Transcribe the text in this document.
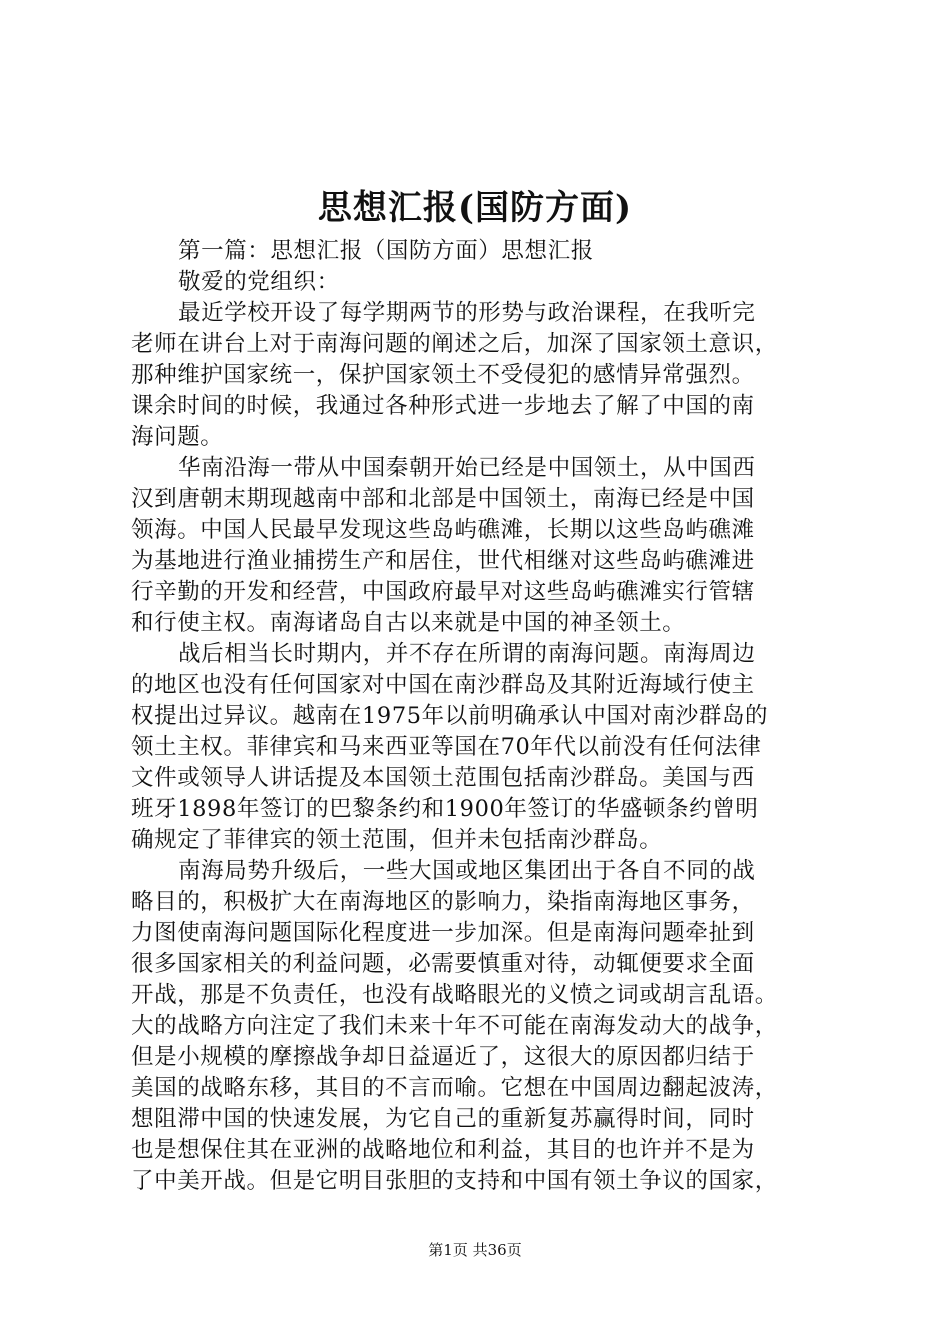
思想汇报(国防方面)
第一篇：思想汇报（国防方面）思想汇报
敬爱的党组织：
最近学校开设了每学期两节的形势与政治课程，在我听完
老师在讲台上对于南海问题的阐述之后，加深了国家领土意识，
那种维护国家统一，保护国家领土不受侵犯的感情异常强烈。
课余时间的时候，我通过各种形式进一步地去了解了中国的南
海问题。
华南沿海一带从中国秦朝开始已经是中国领土，从中国西
汉到唐朝末期现越南中部和北部是中国领土，南海已经是中国
领海。中国人民最早发现这些岛屿礁滩，长期以这些岛屿礁滩
为基地进行渔业捕捞生产和居住，世代相继对这些岛屿礁滩进
行辛勤的开发和经营，中国政府最早对这些岛屿礁滩实行管辖
和行使主权。南海诸岛自古以来就是中国的神圣领土。
战后相当长时期内，并不存在所谓的南海问题。南海周边
的地区也没有任何国家对中国在南沙群岛及其附近海域行使主
权提出过异议。越南在1975年以前明确承认中国对南沙群岛的
领土主权。菲律宾和马来西亚等国在70年代以前没有任何法律
文件或领导人讲话提及本国领土范围包括南沙群岛。美国与西
班牙1898年签订的巴黎条约和1900年签订的华盛顿条约曾明
确规定了菲律宾的领土范围，但并未包括南沙群岛。
南海局势升级后，一些大国或地区集团出于各自不同的战
略目的，积极扩大在南海地区的影响力，染指南海地区事务，
力图使南海问题国际化程度进一步加深。但是南海问题牵扯到
很多国家相关的利益问题，必需要慎重对待，动辄便要求全面
开战，那是不负责任，也没有战略眼光的义愤之词或胡言乱语。
大的战略方向注定了我们未来十年不可能在南海发动大的战争，
但是小规模的摩擦战争却日益逼近了，这很大的原因都归结于
美国的战略东移，其目的不言而喻。它想在中国周边翻起波涛，
想阻滞中国的快速发展，为它自己的重新复苏赢得时间，同时
也是想保住其在亚洲的战略地位和利益，其目的也许并不是为
了中美开战。但是它明目张胆的支持和中国有领土争议的国家，
第1页 共36页
